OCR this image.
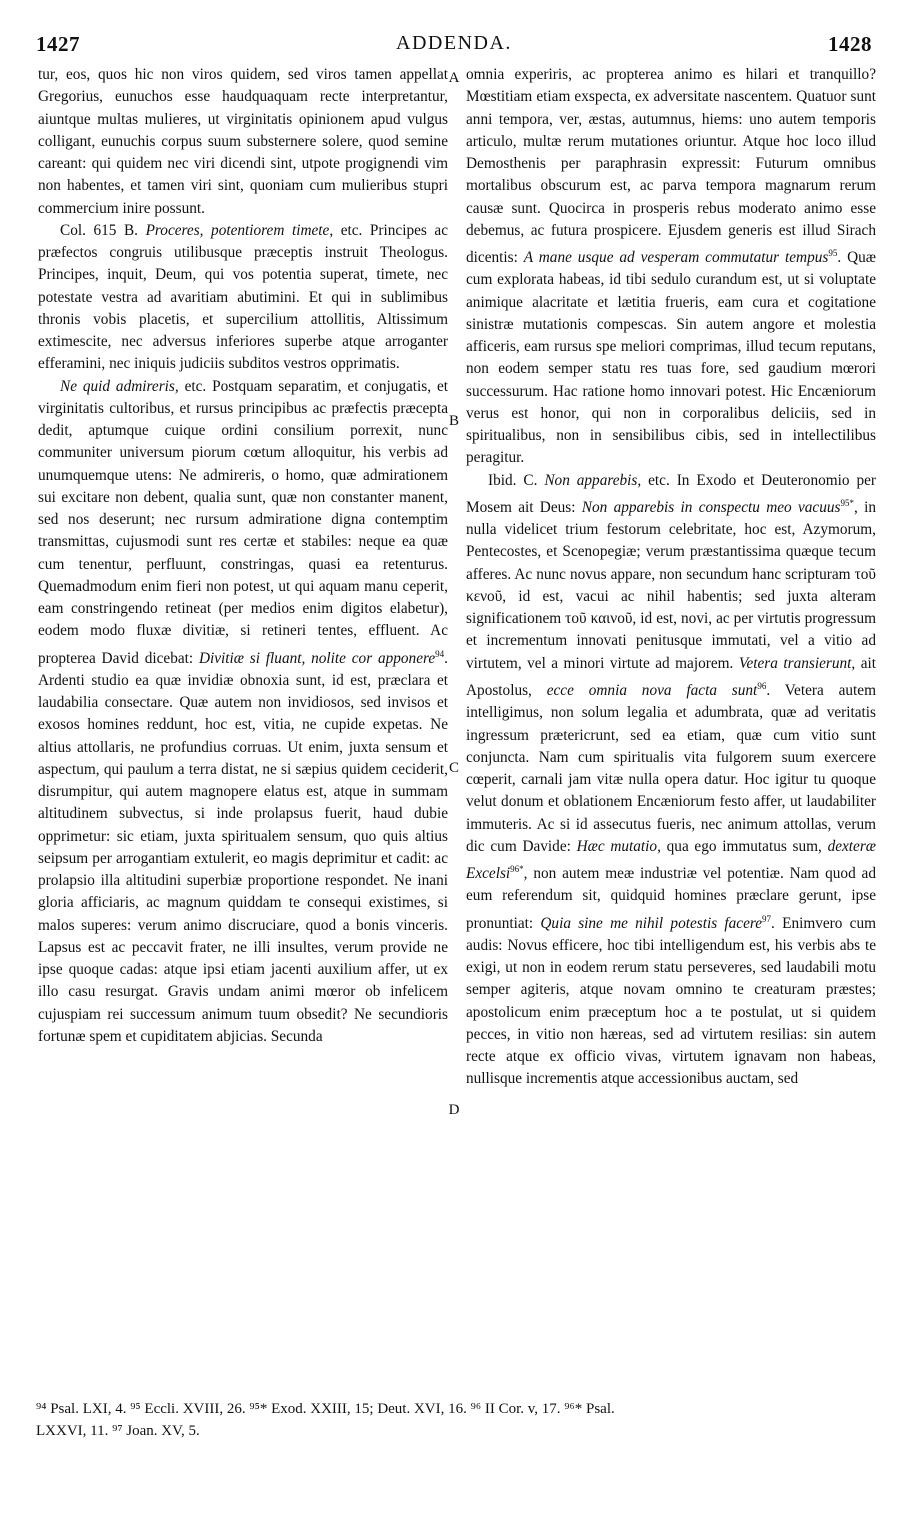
1427	ADDENDA.	1428

tur, eos, quos hic non viros quidem, sed viros tamen appellat Gregorius, eunuchos esse haudquaquam recte interpretantur, aiuntque multas mulieres, ut virginitatis opinionem apud vulgus colligant, eunuchis corpus suum substernere solere, quod semine careant: qui quidem nec viri dicendi sint, utpote progignendi vim non habentes, et tamen viri sint, quoniam cum mulieribus stupri commercium inire possunt.

Col. 615 B. Proceres, potentiorem timete, etc. Principes ac præfectos congruis utilibusque præceptis instruit Theologus. Principes, inquit, Deum, qui vos potentia superat, timete, nec potestate vestra ad avaritiam abutimini. Et qui in sublimibus thronis vobis placetis, et supercilium attollitis, Altissimum extimescite, nec adversus inferiores superbe atque arroganter efferamini, nec iniquis judiciis subditos vestros opprimatis.

Ne quid admireris, etc. Postquam separatim, et conjugatis, et virginitatis cultoribus, et rursus principibus ac præfectis præcepta dedit, aptumque cuique ordini consilium porrexit, nunc communiter universum piorum cœtum alloquitur, his verbis ad unumquemque utens: Ne admireris, o homo, quæ admirationem sui excitare non debent, qualia sunt, quæ non constanter manent, sed nos deserunt; nec rursum admiratione digna contemptim transmittas, cujusmodi sunt res certæ et stabiles: neque ea quæ cum tenentur, perfluunt, constringas, quasi ea retenturus. Quemadmodum enim fieri non potest, ut qui aquam manu ceperit, eam constringendo retineat (per medios enim digitos elabetur), eodem modo fluxæ divitiæ, si retineri tentes, effluent. Ac propterea David dicebat: Divitiæ si fluant, nolite cor apponere$^{94}$. Ardenti studio ea quæ invidiæ obnoxia sunt, id est, præclara et laudabilia consectare. Quæ autem non invidiosos, sed invisos et exosos homines reddunt, hoc est, vitia, ne cupide expetas. Ne altius attollaris, ne profundius corruas. Ut enim, juxta sensum et aspectum, qui paulum a terra distat, ne si sæpius quidem ceciderit, disrumpitur, qui autem magnopere elatus est, atque in summam altitudinem subvectus, si inde prolapsus fuerit, haud dubie opprimetur: sic etiam, juxta spiritualem sensum, quo quis altius seipsum per arrogantiam extulerit, eo magis deprimitur et cadit: ac prolapsio illa altitudini superbiæ proportione respondet. Ne inani gloria afficiaris, ac magnum quiddam te consequi existimes, si malos superes: verum animo discruciare, quod a bonis vinceris. Lapsus est ac peccavit frater, ne illi insultes, verum provide ne ipse quoque cadas: atque ipsi etiam jacenti auxilium affer, ut ex illo casu resurgat. Gravis undam animi mœror ob infelicem cujuspiam rei successum animum tuum obsedit? Ne secundioris fortunæ spem et cupiditatem abjicias. Secunda

omnia experiris, ac propterea animo es hilari et tranquillo? Mœstitiam etiam exspecta, ex adversitate nascentem. Quatuor sunt anni tempora, ver, æstas, autumnus, hiems: uno autem temporis articulo, multæ rerum mutationes oriuntur. Atque hoc loco illud Demosthenis per paraphrasin expressit: Futurum omnibus mortalibus obscurum est, ac parva tempora magnarum rerum causæ sunt. Quocirca in prosperis rebus moderato animo esse debemus, ac futura prospicere. Ejusdem generis est illud Sirach dicentis: A mane usque ad vesperam commutatur tempus$^{95}$. Quæ cum explorata habeas, id tibi sedulo curandum est, ut si voluptate animique alacritate et lætitia frueris, eam cura et cogitatione sinistræ mutationis compescas. Sin autem angore et molestia afficeris, eam rursus spe meliori comprimas, illud tecum reputans, non eodem semper statu res tuas fore, sed gaudium mœrori successurum. Hac ratione homo innovari potest. Hic Encæniorum verus est honor, qui non in corporalibus deliciis, sed in spiritualibus, non in sensibilibus cibis, sed in intellectilibus peragitur.

Ibid. C. Non apparebis, etc. In Exodo et Deuteronomio per Mosem ait Deus: Non apparebis in conspectu meo vacuus$^{95*}$, in nulla videlicet trium festorum celebritate, hoc est, Azymorum, Pentecostes, et Scenopegiæ; verum præstantissima quæque tecum afferes. Ac nunc novus appare, non secundum hanc scripturam τοῦ κενοῦ, id est, vacui ac nihil habentis; sed juxta alteram significationem τοῦ καινοῦ, id est, novi, ac per virtutis progressum et incrementum innovati penitusque immutati, vel a vitio ad virtutem, vel a minori virtute ad majorem. Vetera transierunt, ait Apostolus, ecce omnia nova facta sunt$^{96}$. Vetera autem intelligimus, non solum legalia et adumbrata, quæ ad veritatis ingressum prætericrunt, sed ea etiam, quæ cum vitio sunt conjuncta. Nam cum spiritualis vita fulgorem suum exercere cœperit, carnali jam vitæ nulla opera datur. Hoc igitur tu quoque velut donum et oblationem Encæniorum festo affer, ut laudabiliter immuteris. Ac si id assecutus fueris, nec animum attollas, verum dic cum Davide: Hæc mutatio, qua ego immutatus sum, dexteræ Excelsi$^{96*}$, non autem meæ industriæ vel potentiæ. Nam quod ad eum referendum sit, quidquid homines præclare gerunt, ipse pronuntiat: Quia sine me nihil potestis facere$^{97}$. Enimvero cum audis: Novus efficere, hoc tibi intelligendum est, his verbis abs te exigi, ut non in eodem rerum statu perseveres, sed laudabili motu semper agiteris, atque novam omnino te creaturam præstes; apostolicum enim præceptum hoc a te postulat, ut si quidem pecces, in vitio non hæreas, sed ad virtutem resilias: sin autem recte atque ex officio vivas, virtutem ignavam non habeas, nullisque incrementis atque accessionibus auctam, sed

A
B
C
D
⁹⁴ Psal. LXI, 4. ⁹⁵ Eccli. XVIII, 26. ⁹⁵* Exod. XXIII, 15; Deut. XVI, 16. ⁹⁶ II Cor. v, 17. ⁹⁶* Psal.
LXXVI, 11. ⁹⁷ Joan. XV, 5.
